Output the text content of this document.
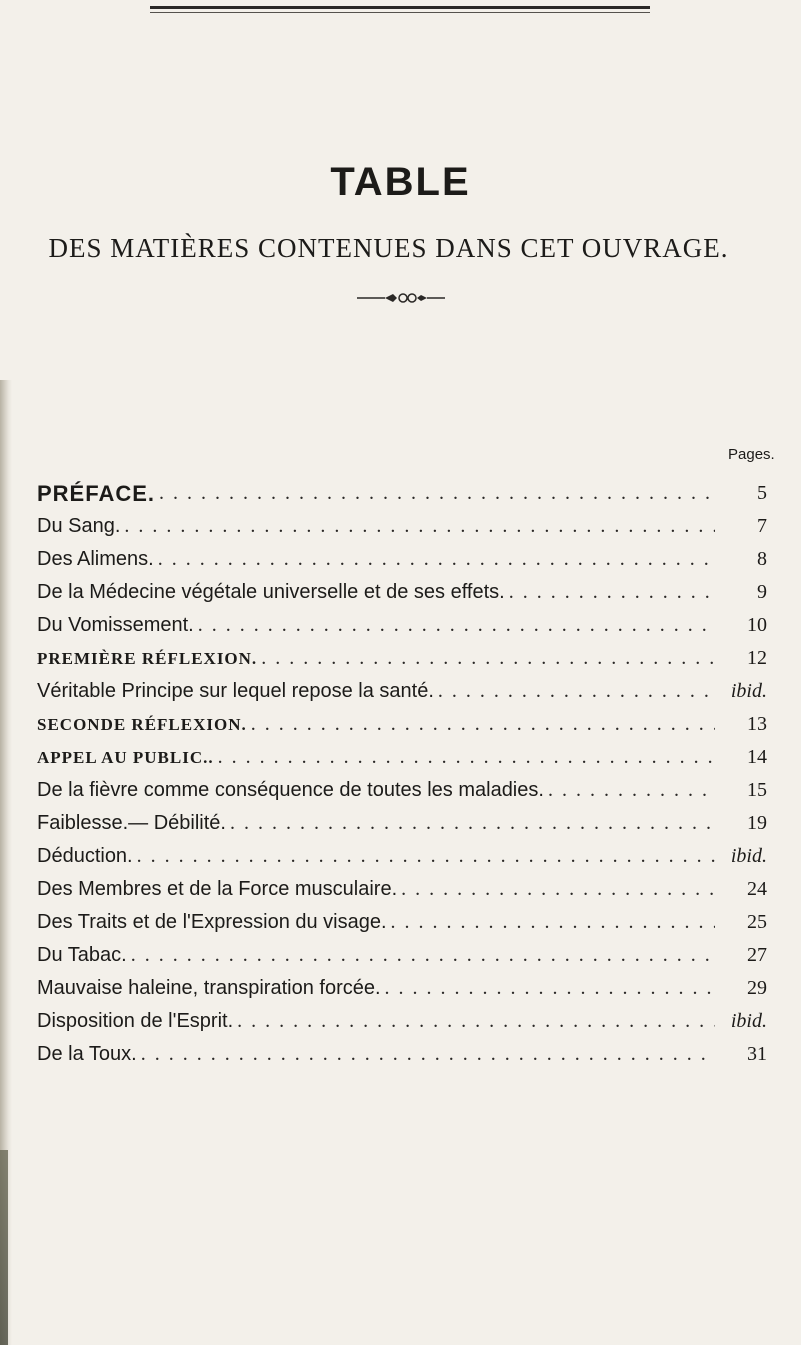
TABLE
DES MATIÈRES CONTENUES DANS CET OUVRAGE.
Pages.
PRÉFACE. . . .	5
Du Sang. . . .	7
Des Alimens. . . .	8
De la Médecine végétale universelle et de ses effets. . . .	9
Du Vomissement. . . .	10
PREMIÈRE RÉFLEXION. . . .	12
Véritable Principe sur lequel repose la santé. . . .	ibid.
SECONDE RÉFLEXION. . . .	13
APPEL AU PUBLIC.. . . .	14
De la fièvre comme conséquence de toutes les maladies. . . .	15
Faiblesse.— Débilité. . . .	19
Déduction. . . .	ibid.
Des Membres et de la Force musculaire. . . .	24
Des Traits et de l'Expression du visage. . . .	25
Du Tabac. . . .	27
Mauvaise haleine, transpiration forcée. . . .	29
Disposition de l'Esprit. . . .	ibid.
De la Toux. . . .	31
